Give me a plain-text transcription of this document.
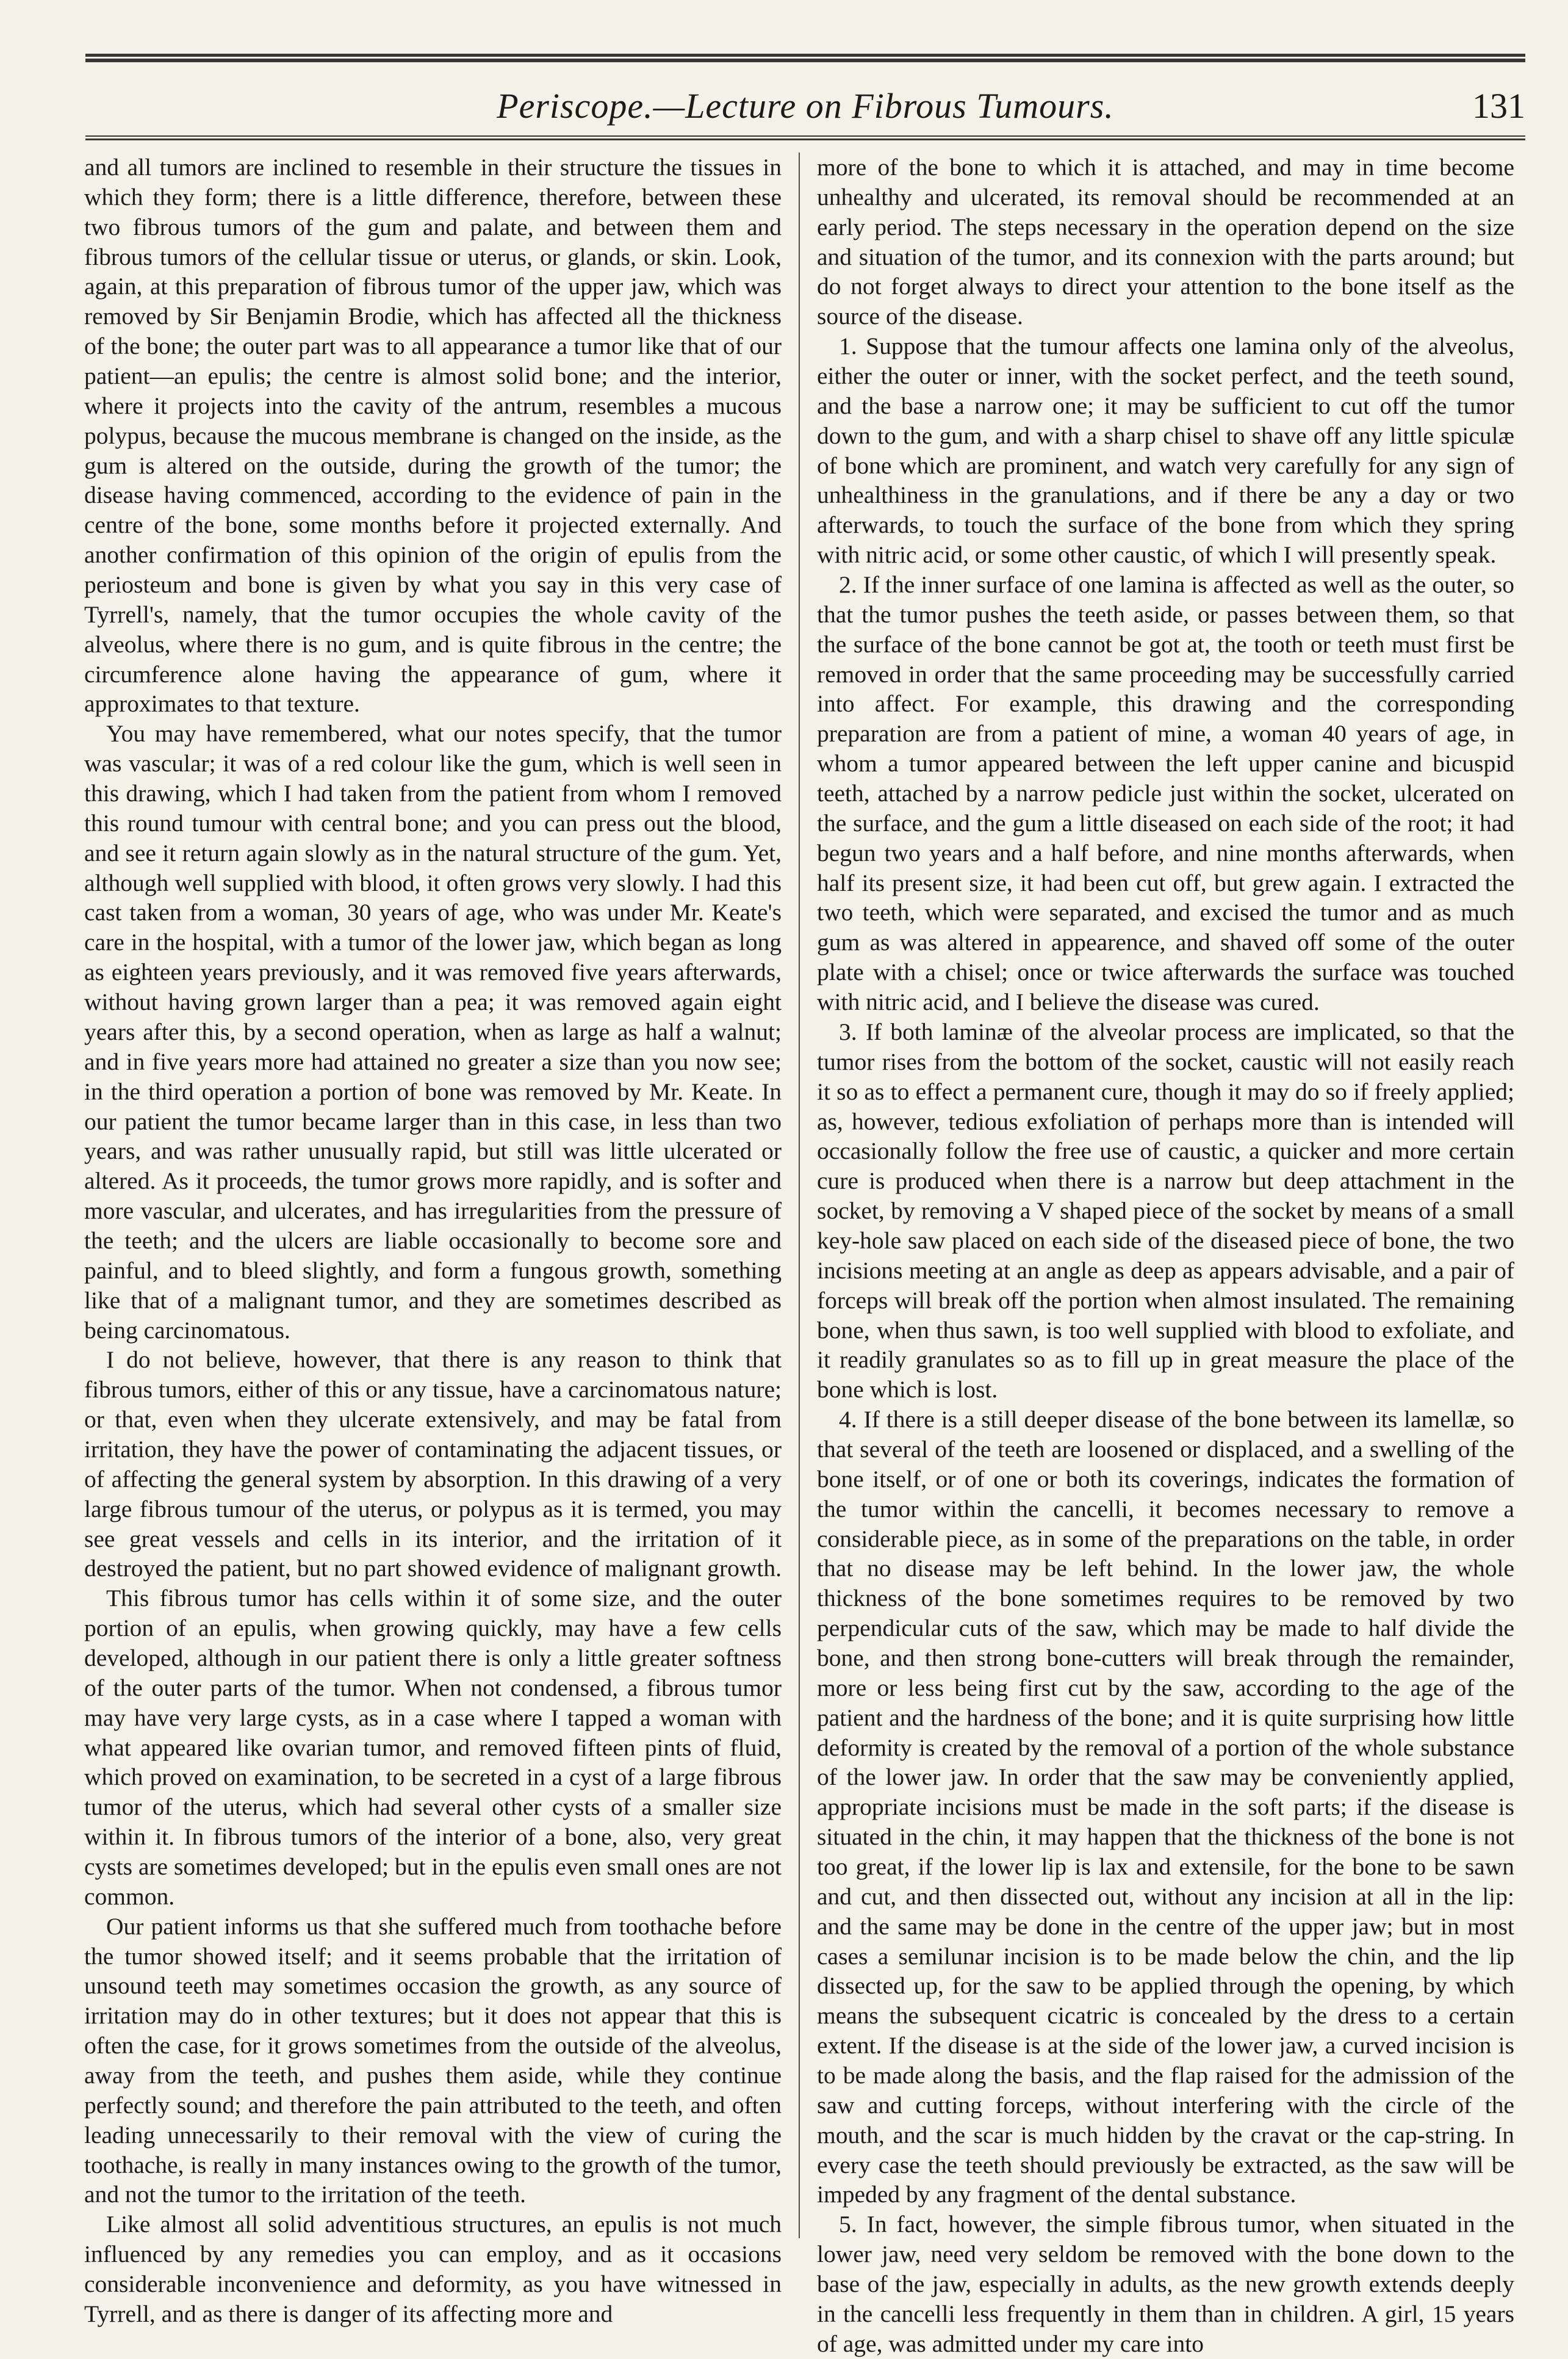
Periscope.—Lecture on Fibrous Tumours.	131

and all tumors are inclined to resemble in their structure the tissues in which they form; there is a little difference, therefore, between these two fibrous tumors of the gum and palate, and between them and fibrous tumors of the cellular tissue or uterus, or glands, or skin. Look, again, at this preparation of fibrous tumor of the upper jaw, which was removed by Sir Benjamin Brodie, which has affected all the thickness of the bone; the outer part was to all appearance a tumor like that of our patient—an epulis; the centre is almost solid bone; and the interior, where it projects into the cavity of the antrum, resembles a mucous polypus, because the mucous membrane is changed on the inside, as the gum is altered on the outside, during the growth of the tumor; the disease having commenced, according to the evidence of pain in the centre of the bone, some months before it projected externally. And another confirmation of this opinion of the origin of epulis from the periosteum and bone is given by what you say in this very case of Tyrrell's, namely, that the tumor occupies the whole cavity of the alveolus, where there is no gum, and is quite fibrous in the centre; the circumference alone having the appearance of gum, where it approximates to that texture.

You may have remembered, what our notes specify, that the tumor was vascular; it was of a red colour like the gum, which is well seen in this drawing, which I had taken from the patient from whom I removed this round tumour with central bone; and you can press out the blood, and see it return again slowly as in the natural structure of the gum. Yet, although well supplied with blood, it often grows very slowly. I had this cast taken from a woman, 30 years of age, who was under Mr. Keate's care in the hospital, with a tumor of the lower jaw, which began as long as eighteen years previously, and it was removed five years afterwards, without having grown larger than a pea; it was removed again eight years after this, by a second operation, when as large as half a walnut; and in five years more had attained no greater a size than you now see; in the third operation a portion of bone was removed by Mr. Keate. In our patient the tumor became larger than in this case, in less than two years, and was rather unusually rapid, but still was little ulcerated or altered. As it proceeds, the tumor grows more rapidly, and is softer and more vascular, and ulcerates, and has irregularities from the pressure of the teeth; and the ulcers are liable occasionally to become sore and painful, and to bleed slightly, and form a fungous growth, something like that of a malignant tumor, and they are sometimes described as being carcinomatous.

I do not believe, however, that there is any reason to think that fibrous tumors, either of this or any tissue, have a carcinomatous nature; or that, even when they ulcerate extensively, and may be fatal from irritation, they have the power of contaminating the adjacent tissues, or of affecting the general system by absorption. In this drawing of a very large fibrous tumour of the uterus, or polypus as it is termed, you may see great vessels and cells in its interior, and the irritation of it destroyed the patient, but no part showed evidence of malignant growth.

This fibrous tumor has cells within it of some size, and the outer portion of an epulis, when growing quickly, may have a few cells developed, although in our patient there is only a little greater softness of the outer parts of the tumor. When not condensed, a fibrous tumor may have very large cysts, as in a case where I tapped a woman with what appeared like ovarian tumor, and removed fifteen pints of fluid, which proved on examination, to be secreted in a cyst of a large fibrous tumor of the uterus, which had several other cysts of a smaller size within it. In fibrous tumors of the interior of a bone, also, very great cysts are sometimes developed; but in the epulis even small ones are not common.

Our patient informs us that she suffered much from toothache before the tumor showed itself; and it seems probable that the irritation of unsound teeth may sometimes occasion the growth, as any source of irritation may do in other textures; but it does not appear that this is often the case, for it grows sometimes from the outside of the alveolus, away from the teeth, and pushes them aside, while they continue perfectly sound; and therefore the pain attributed to the teeth, and often leading unnecessarily to their removal with the view of curing the toothache, is really in many instances owing to the growth of the tumor, and not the tumor to the irritation of the teeth.

Like almost all solid adventitious structures, an epulis is not much influenced by any remedies you can employ, and as it occasions considerable inconvenience and deformity, as you have witnessed in Tyrrell, and as there is danger of its affecting more and

more of the bone to which it is attached, and may in time become unhealthy and ulcerated, its removal should be recommended at an early period. The steps necessary in the operation depend on the size and situation of the tumor, and its connexion with the parts around; but do not forget always to direct your attention to the bone itself as the source of the disease.

1. Suppose that the tumour affects one lamina only of the alveolus, either the outer or inner, with the socket perfect, and the teeth sound, and the base a narrow one; it may be sufficient to cut off the tumor down to the gum, and with a sharp chisel to shave off any little spiculæ of bone which are prominent, and watch very carefully for any sign of unhealthiness in the granulations, and if there be any a day or two afterwards, to touch the surface of the bone from which they spring with nitric acid, or some other caustic, of which I will presently speak.

2. If the inner surface of one lamina is affected as well as the outer, so that the tumor pushes the teeth aside, or passes between them, so that the surface of the bone cannot be got at, the tooth or teeth must first be removed in order that the same proceeding may be successfully carried into affect. For example, this drawing and the corresponding preparation are from a patient of mine, a woman 40 years of age, in whom a tumor appeared between the left upper canine and bicuspid teeth, attached by a narrow pedicle just within the socket, ulcerated on the surface, and the gum a little diseased on each side of the root; it had begun two years and a half before, and nine months afterwards, when half its present size, it had been cut off, but grew again. I extracted the two teeth, which were separated, and excised the tumor and as much gum as was altered in appearence, and shaved off some of the outer plate with a chisel; once or twice afterwards the surface was touched with nitric acid, and I believe the disease was cured.

3. If both laminæ of the alveolar process are implicated, so that the tumor rises from the bottom of the socket, caustic will not easily reach it so as to effect a permanent cure, though it may do so if freely applied; as, however, tedious exfoliation of perhaps more than is intended will occasionally follow the free use of caustic, a quicker and more certain cure is produced when there is a narrow but deep attachment in the socket, by removing a V shaped piece of the socket by means of a small key-hole saw placed on each side of the diseased piece of bone, the two incisions meeting at an angle as deep as appears advisable, and a pair of forceps will break off the portion when almost insulated. The remaining bone, when thus sawn, is too well supplied with blood to exfoliate, and it readily granulates so as to fill up in great measure the place of the bone which is lost.

4. If there is a still deeper disease of the bone between its lamellæ, so that several of the teeth are loosened or displaced, and a swelling of the bone itself, or of one or both its coverings, indicates the formation of the tumor within the cancelli, it becomes necessary to remove a considerable piece, as in some of the preparations on the table, in order that no disease may be left behind. In the lower jaw, the whole thickness of the bone sometimes requires to be removed by two perpendicular cuts of the saw, which may be made to half divide the bone, and then strong bone-cutters will break through the remainder, more or less being first cut by the saw, according to the age of the patient and the hardness of the bone; and it is quite surprising how little deformity is created by the removal of a portion of the whole substance of the lower jaw. In order that the saw may be conveniently applied, appropriate incisions must be made in the soft parts; if the disease is situated in the chin, it may happen that the thickness of the bone is not too great, if the lower lip is lax and extensile, for the bone to be sawn and cut, and then dissected out, without any incision at all in the lip: and the same may be done in the centre of the upper jaw; but in most cases a semilunar incision is to be made below the chin, and the lip dissected up, for the saw to be applied through the opening, by which means the subsequent cicatric is concealed by the dress to a certain extent. If the disease is at the side of the lower jaw, a curved incision is to be made along the basis, and the flap raised for the admission of the saw and cutting forceps, without interfering with the circle of the mouth, and the scar is much hidden by the cravat or the cap-string. In every case the teeth should previously be extracted, as the saw will be impeded by any fragment of the dental substance.

5. In fact, however, the simple fibrous tumor, when situated in the lower jaw, need very seldom be removed with the bone down to the base of the jaw, especially in adults, as the new growth extends deeply in the cancelli less frequently in them than in children. A girl, 15 years of age, was admitted under my care into
